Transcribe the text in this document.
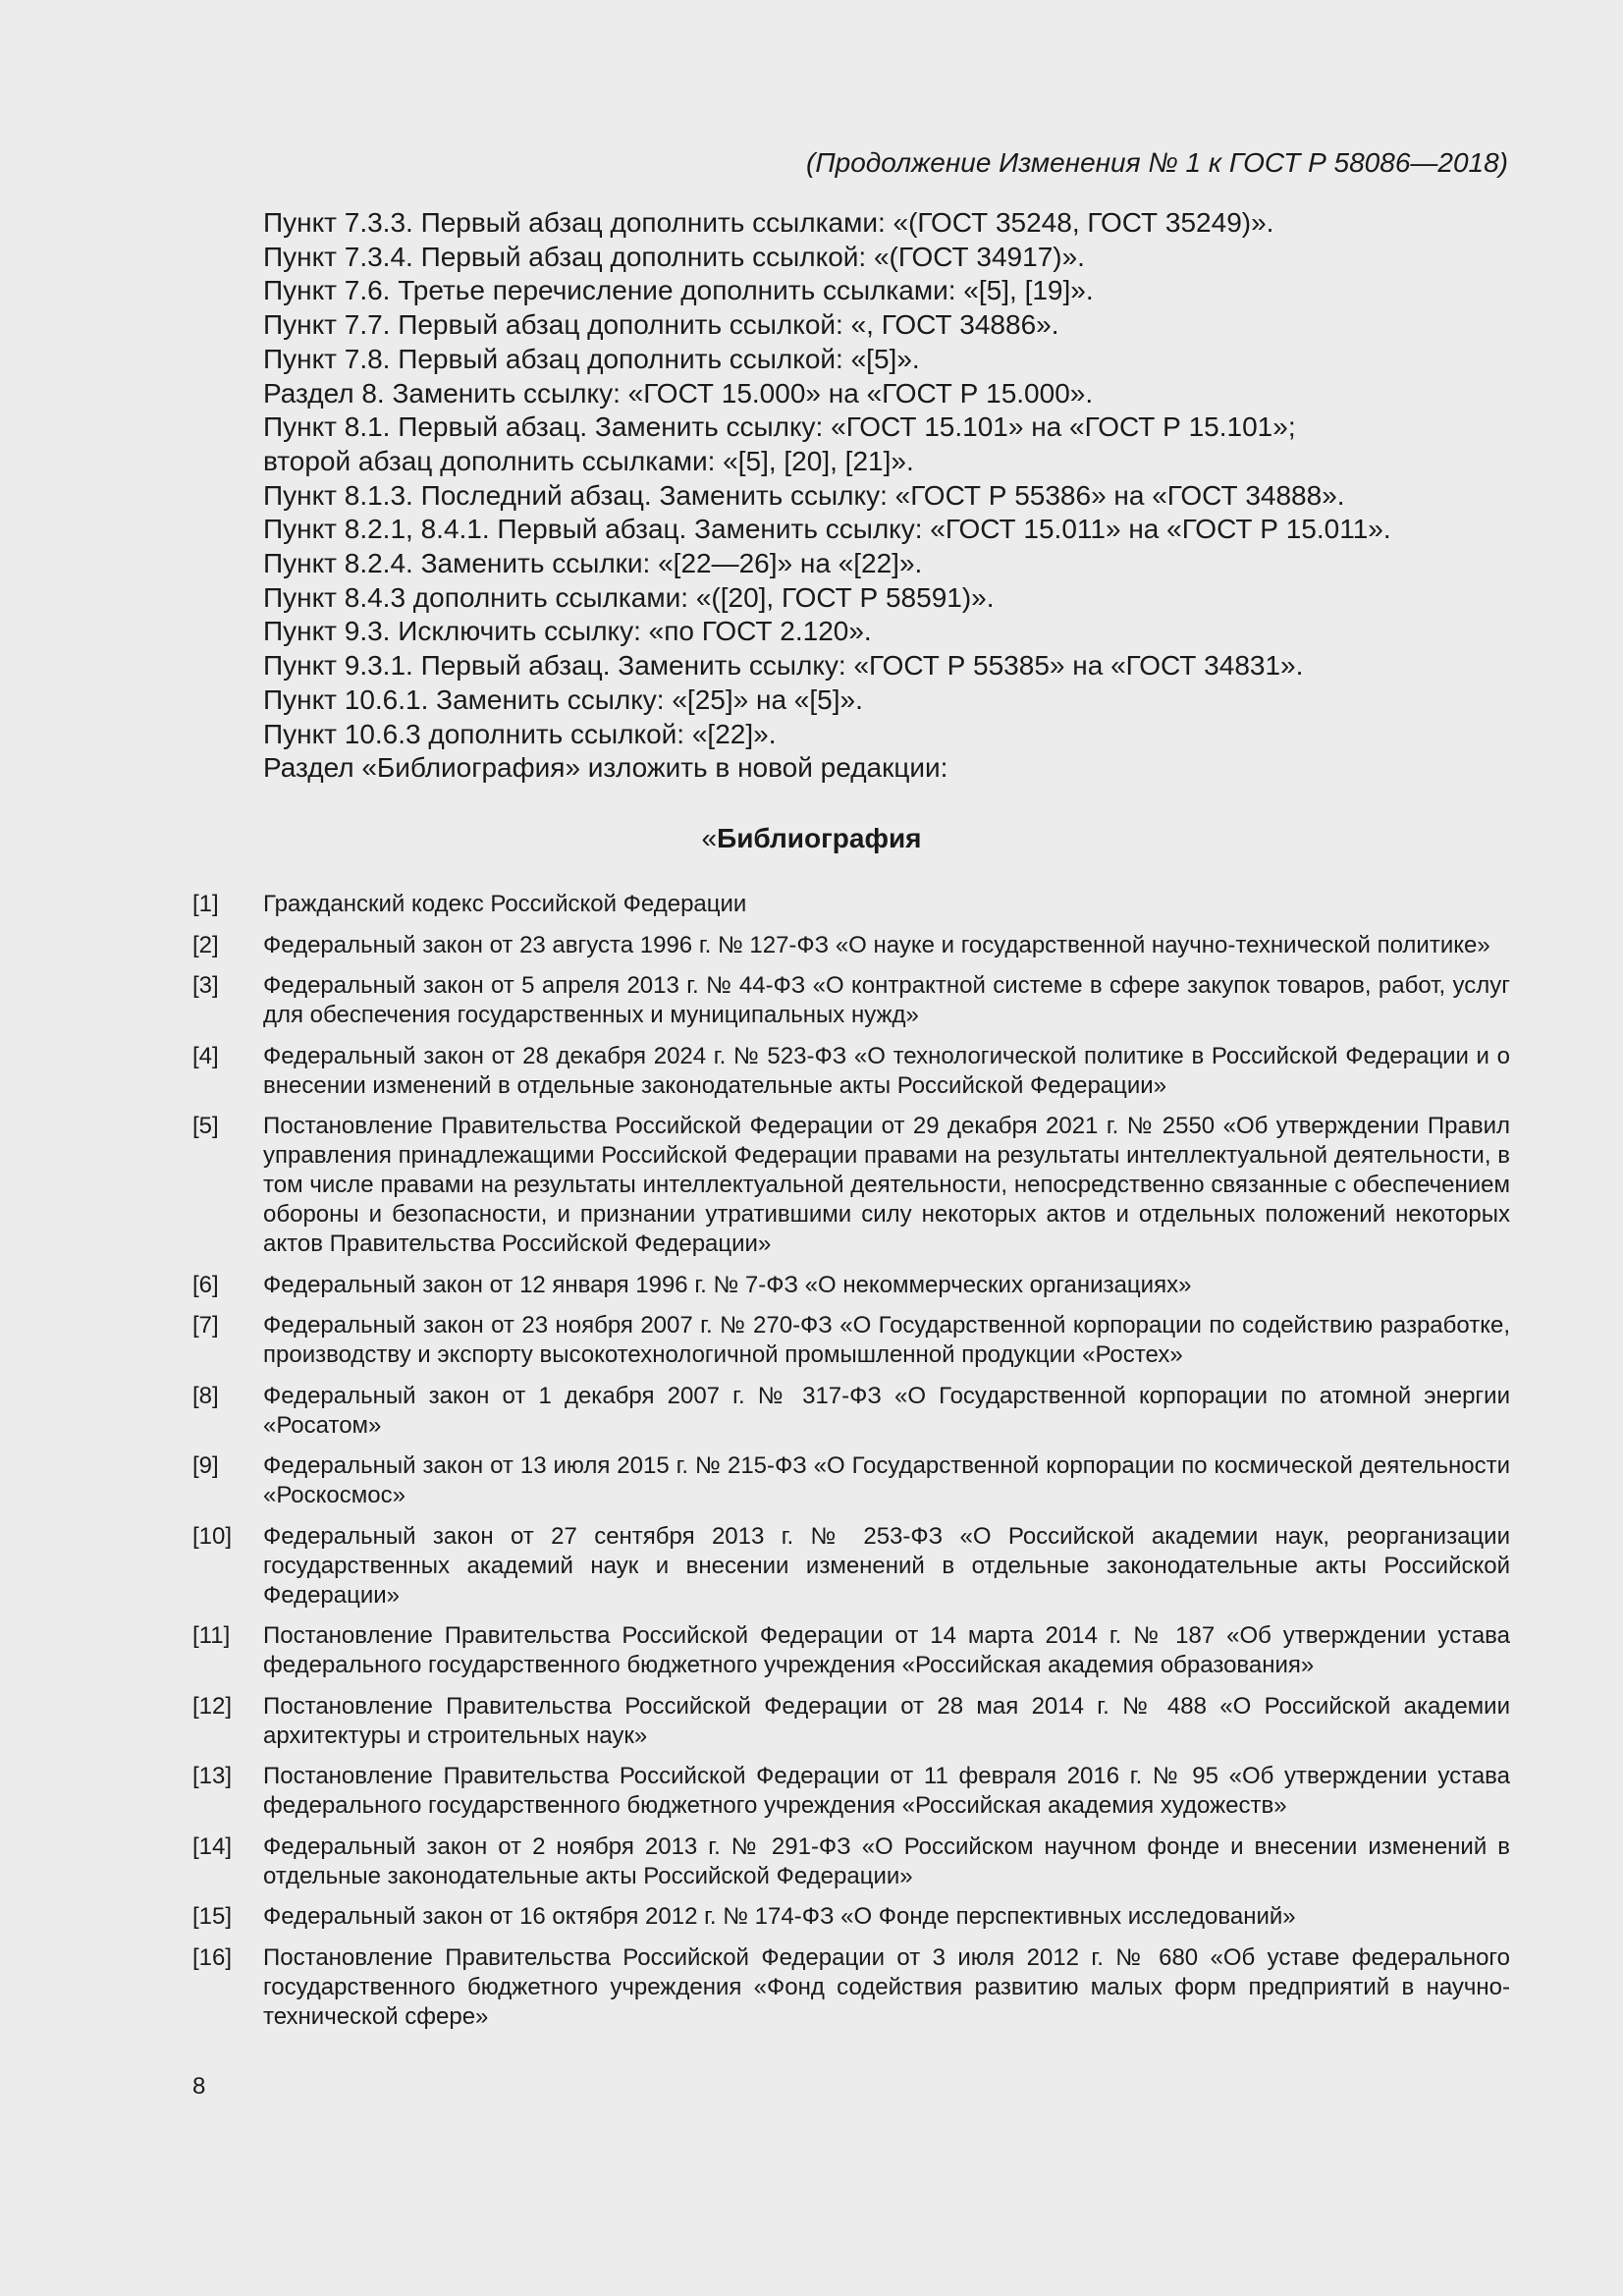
(Продолжение Изменения № 1 к ГОСТ Р 58086—2018)
Пункт 7.3.3. Первый абзац дополнить ссылками: «(ГОСТ 35248, ГОСТ 35249)».
Пункт 7.3.4. Первый абзац дополнить ссылкой: «(ГОСТ 34917)».
Пункт 7.6. Третье перечисление дополнить ссылками: «[5], [19]».
Пункт 7.7. Первый абзац дополнить ссылкой: «, ГОСТ 34886».
Пункт 7.8. Первый абзац дополнить ссылкой: «[5]».
Раздел 8. Заменить ссылку: «ГОСТ 15.000» на «ГОСТ Р 15.000».
Пункт 8.1. Первый абзац. Заменить ссылку: «ГОСТ 15.101» на «ГОСТ Р 15.101»;
второй абзац дополнить ссылками: «[5], [20], [21]».
Пункт 8.1.3. Последний абзац. Заменить ссылку: «ГОСТ Р 55386» на «ГОСТ 34888».
Пункт 8.2.1, 8.4.1. Первый абзац. Заменить ссылку: «ГОСТ 15.011» на «ГОСТ Р 15.011».
Пункт 8.2.4. Заменить ссылки: «[22—26]» на «[22]».
Пункт 8.4.3 дополнить ссылками: «([20], ГОСТ Р 58591)».
Пункт 9.3. Исключить ссылку: «по ГОСТ 2.120».
Пункт 9.3.1. Первый абзац. Заменить ссылку: «ГОСТ Р 55385» на «ГОСТ 34831».
Пункт 10.6.1. Заменить ссылку: «[25]» на «[5]».
Пункт 10.6.3 дополнить ссылкой: «[22]».
Раздел «Библиография» изложить в новой редакции:
«Библиография
[1]	Гражданский кодекс Российской Федерации
[2]	Федеральный закон от 23 августа 1996 г. № 127-ФЗ «О науке и государственной научно-технической политике»
[3]	Федеральный закон от 5 апреля 2013 г. № 44-ФЗ «О контрактной системе в сфере закупок товаров, работ, услуг для обеспечения государственных и муниципальных нужд»
[4]	Федеральный закон от 28 декабря 2024 г. № 523-ФЗ «О технологической политике в Российской Федерации и о внесении изменений в отдельные законодательные акты Российской Федерации»
[5]	Постановление Правительства Российской Федерации от 29 декабря 2021 г. № 2550 «Об утверждении Правил управления принадлежащими Российской Федерации правами на результаты интеллектуальной деятельности, в том числе правами на результаты интеллектуальной деятельности, непосредственно связанные с обеспечением обороны и безопасности, и признании утратившими силу некоторых актов и отдельных положений некоторых актов Правительства Российской Федерации»
[6]	Федеральный закон от 12 января 1996 г. № 7-ФЗ «О некоммерческих организациях»
[7]	Федеральный закон от 23 ноября 2007 г. № 270-ФЗ «О Государственной корпорации по содействию разработке, производству и экспорту высокотехнологичной промышленной продукции «Ростех»
[8]	Федеральный закон от 1 декабря 2007 г. № 317-ФЗ «О Государственной корпорации по атомной энергии «Росатом»
[9]	Федеральный закон от 13 июля 2015 г. № 215-ФЗ «О Государственной корпорации по космической деятельности «Роскосмос»
[10]	Федеральный закон от 27 сентября 2013 г. № 253-ФЗ «О Российской академии наук, реорганизации государственных академий наук и внесении изменений в отдельные законодательные акты Российской Федерации»
[11]	Постановление Правительства Российской Федерации от 14 марта 2014 г. № 187 «Об утверждении устава федерального государственного бюджетного учреждения «Российская академия образования»
[12]	Постановление Правительства Российской Федерации от 28 мая 2014 г. № 488 «О Российской академии архитектуры и строительных наук»
[13]	Постановление Правительства Российской Федерации от 11 февраля 2016 г. № 95 «Об утверждении устава федерального государственного бюджетного учреждения «Российская академия художеств»
[14]	Федеральный закон от 2 ноября 2013 г. № 291-ФЗ «О Российском научном фонде и внесении изменений в отдельные законодательные акты Российской Федерации»
[15]	Федеральный закон от 16 октября 2012 г. № 174-ФЗ «О Фонде перспективных исследований»
[16]	Постановление Правительства Российской Федерации от 3 июля 2012 г. № 680 «Об уставе федерального государственного бюджетного учреждения «Фонд содействия развитию малых форм предприятий в научно-технической сфере»
8
